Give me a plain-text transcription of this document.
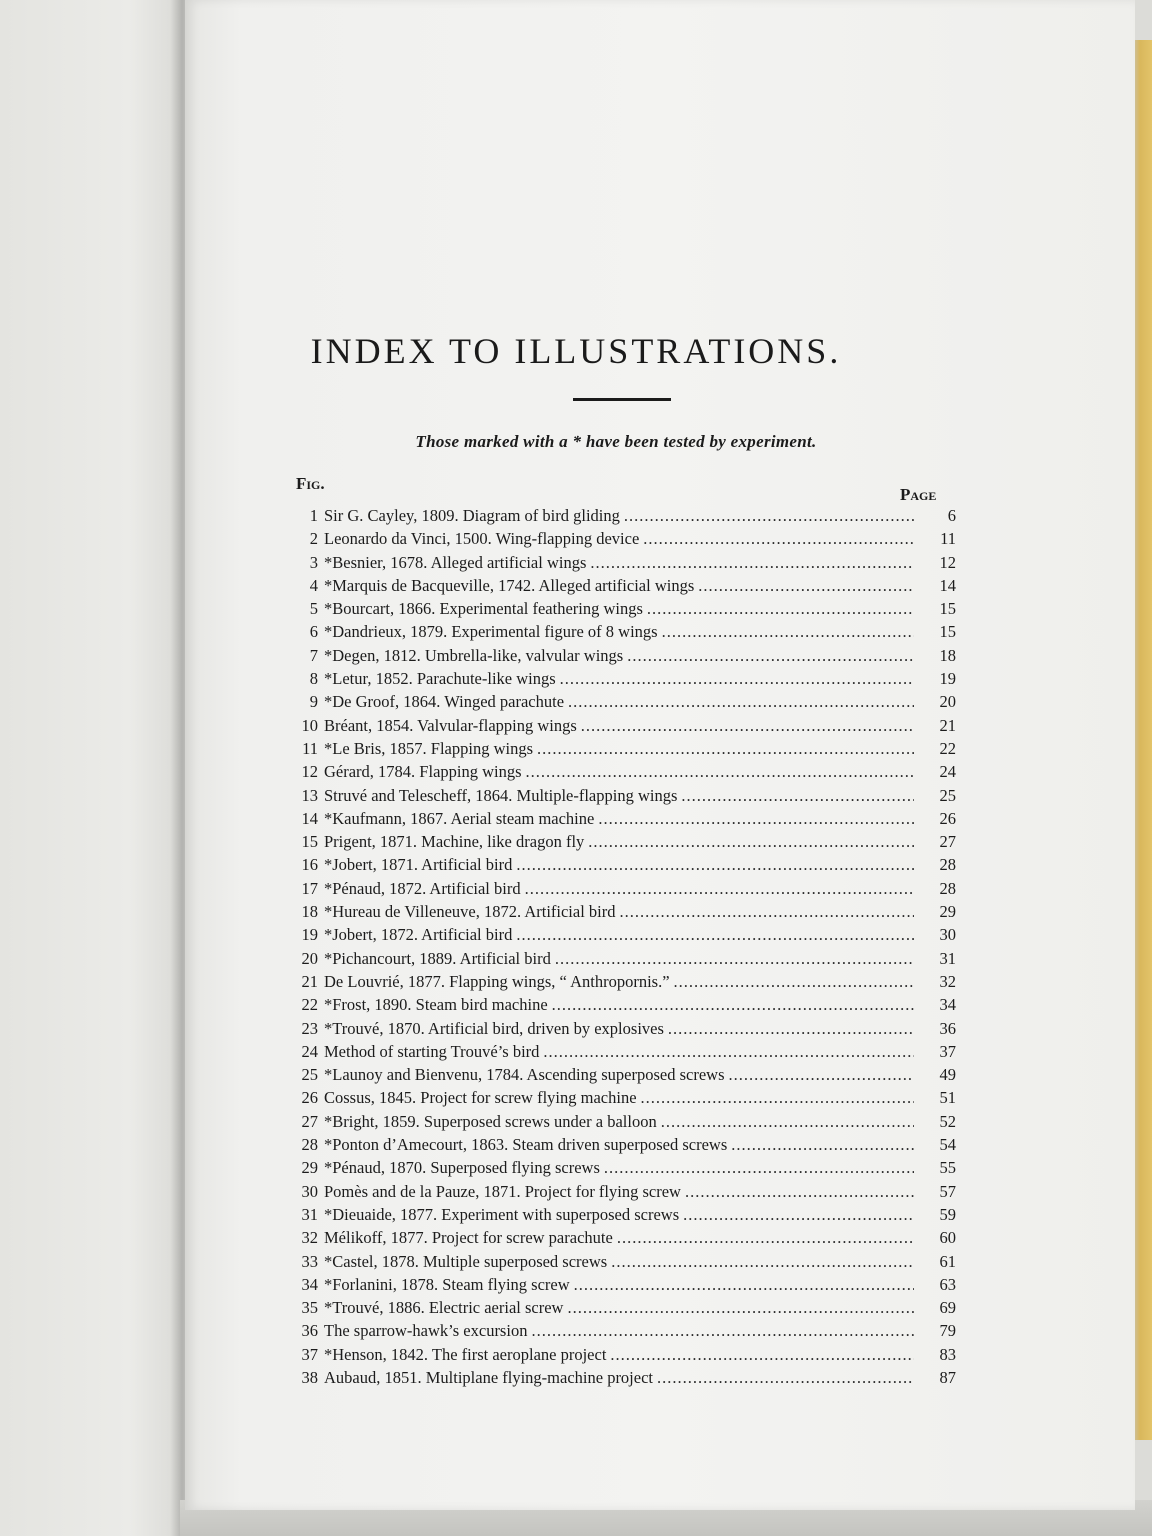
INDEX TO ILLUSTRATIONS.
Those marked with a * have been tested by experiment.
Fig.
Page
1 Sir G. Cayley, 1809. Diagram of bird gliding .....	6
2 Leonardo da Vinci, 1500. Wing-flapping device .....	11
3 *Besnier, 1678. Alleged artificial wings .....	12
4 *Marquis de Bacqueville, 1742. Alleged artificial wings .....	14
5 *Bourcart, 1866. Experimental feathering wings .....	15
6 *Dandrieux, 1879. Experimental figure of 8 wings .....	15
7 *Degen, 1812. Umbrella-like, valvular wings .....	18
8 *Letur, 1852. Parachute-like wings .....	19
9 *De Groof, 1864. Winged parachute .....	20
10 Bréant, 1854. Valvular-flapping wings .....	21
11 *Le Bris, 1857. Flapping wings .....	22
12 Gérard, 1784. Flapping wings .....	24
13 Struvé and Telescheff, 1864. Multiple-flapping wings .....	25
14 *Kaufmann, 1867. Aerial steam machine .....	26
15 Prigent, 1871. Machine, like dragon fly .....	27
16 *Jobert, 1871. Artificial bird .....	28
17 *Pénaud, 1872. Artificial bird .....	28
18 *Hureau de Villeneuve, 1872. Artificial bird .....	29
19 *Jobert, 1872. Artificial bird .....	30
20 *Pichancourt, 1889. Artificial bird .....	31
21 De Louvrié, 1877. Flapping wings, “ Anthropornis.” .....	32
22 *Frost, 1890. Steam bird machine .....	34
23 *Trouvé, 1870. Artificial bird, driven by explosives .....	36
24 Method of starting Trouvé’s bird .....	37
25 *Launoy and Bienvenu, 1784. Ascending superposed screws .....	49
26 Cossus, 1845. Project for screw flying machine .....	51
27 *Bright, 1859. Superposed screws under a balloon .....	52
28 *Ponton d’Amecourt, 1863. Steam driven superposed screws .....	54
29 *Pénaud, 1870. Superposed flying screws .....	55
30 Pomès and de la Pauze, 1871. Project for flying screw .....	57
31 *Dieuaide, 1877. Experiment with superposed screws .....	59
32 Mélikoff, 1877. Project for screw parachute .....	60
33 *Castel, 1878. Multiple superposed screws .....	61
34 *Forlanini, 1878. Steam flying screw .....	63
35 *Trouvé, 1886. Electric aerial screw .....	69
36 The sparrow-hawk’s excursion .....	79
37 *Henson, 1842. The first aeroplane project .....	83
38 Aubaud, 1851. Multiplane flying-machine project .....	87
